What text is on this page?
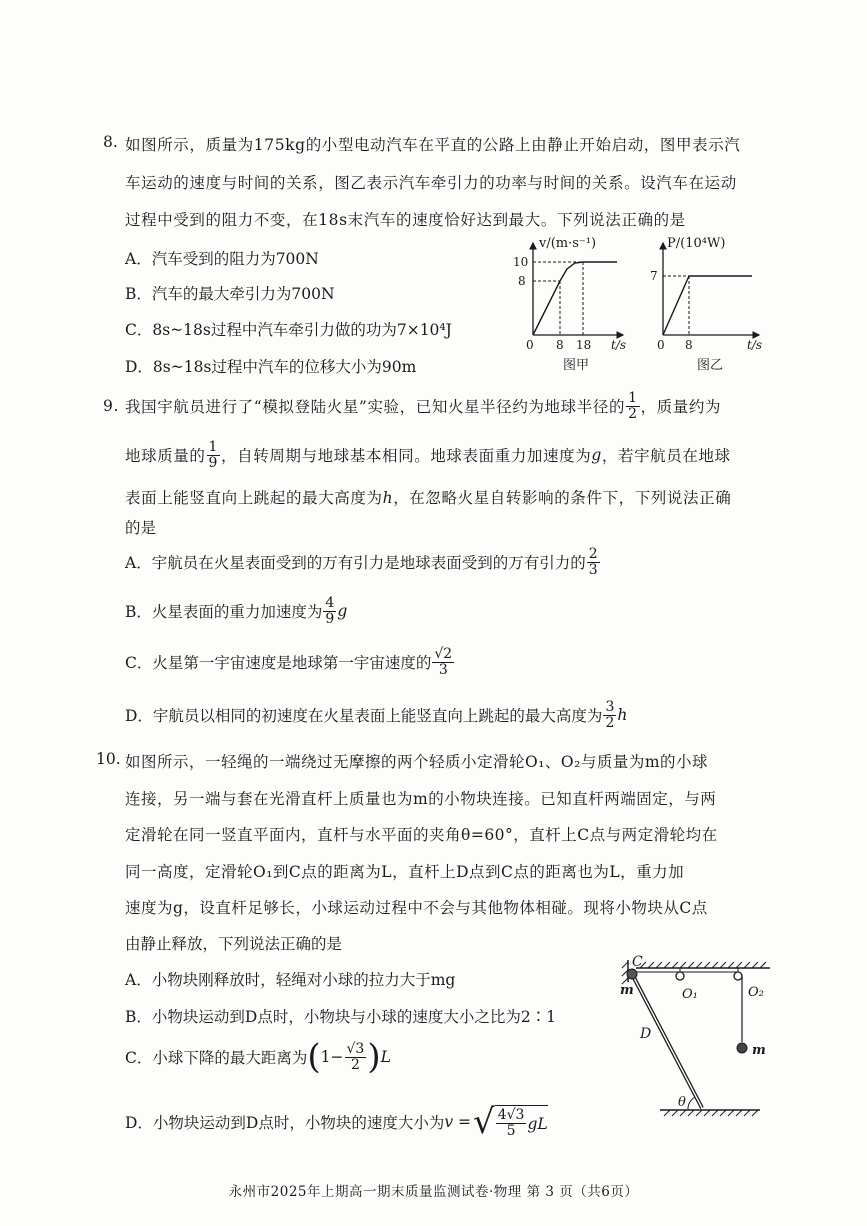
8. 如图所示，质量为175kg的小型电动汽车在平直的公路上由静止开始启动，图甲表示汽
车运动的速度与时间的关系，图乙表示汽车牵引力的功率与时间的关系。设汽车在运动
过程中受到的阻力不变，在18s末汽车的速度恰好达到最大。下列说法正确的是
A．汽车受到的阻力为700N
B．汽车的最大牵引力为700N
C．8s~18s过程中汽车牵引力做的功为7×10⁴J
D．8s~18s过程中汽车的位移大小为90m
v/(m·s⁻¹)
10
8
0 8 18 t/s
图甲
P/(10⁴W)
7
0 8	t/s
图乙
9. 我国宇航员进行了“模拟登陆火星”实验，已知火星半径约为地球半径的 $\frac{1}{2}$ ，质量约为
地球质量的 $\frac{1}{9}$ ，自转周期与地球基本相同。地球表面重力加速度为 g ，若宇航员在地球
表面上能竖直向上跳起的最大高度为h，在忽略火星自转影响的条件下，下列说法正确
的是
A．宇航员在火星表面受到的万有引力是地球表面受到的万有引力的 $\frac{2}{3}$
B．火星表面的重力加速度为 $\frac{4}{9}$ g
C．火星第一宇宙速度是地球第一宇宙速度的 $\frac{√2}{3}$
D．宇航员以相同的初速度在火星表面上能竖直向上跳起的最大高度为 $\frac{3}{2}$ h
10. 如图所示，一轻绳的一端绕过无摩擦的两个轻质小定滑轮O₁、O₂与质量为m的小球
连接，另一端与套在光滑直杆上质量也为m的小物块连接。已知直杆两端固定，与两
定滑轮在同一竖直平面内，直杆与水平面的夹角θ=60°，直杆上C点与两定滑轮均在
同一高度，定滑轮O₁到C点的距离为L，直杆上D点到C点的距离也为L，重力加
速度为g，设直杆足够长，小球运动过程中不会与其他物体相碰。现将小物块从C点
由静止释放，下列说法正确的是
A．小物块刚释放时，轻绳对小球的拉力大于mg
B．小物块运动到D点时，小物块与小球的速度大小之比为2∶1
C．小球下降的最大距离为 ( $1- \frac{√3}{2}$ ) L
D．小物块运动到D点时，小物块的速度大小为 v = √ $\frac{4√3}{5}$ gL
C
m	O₁	O₂
D
m
θ
永州市2025年上期高一期末质量监测试卷·物理 第 3 页（共6页）
